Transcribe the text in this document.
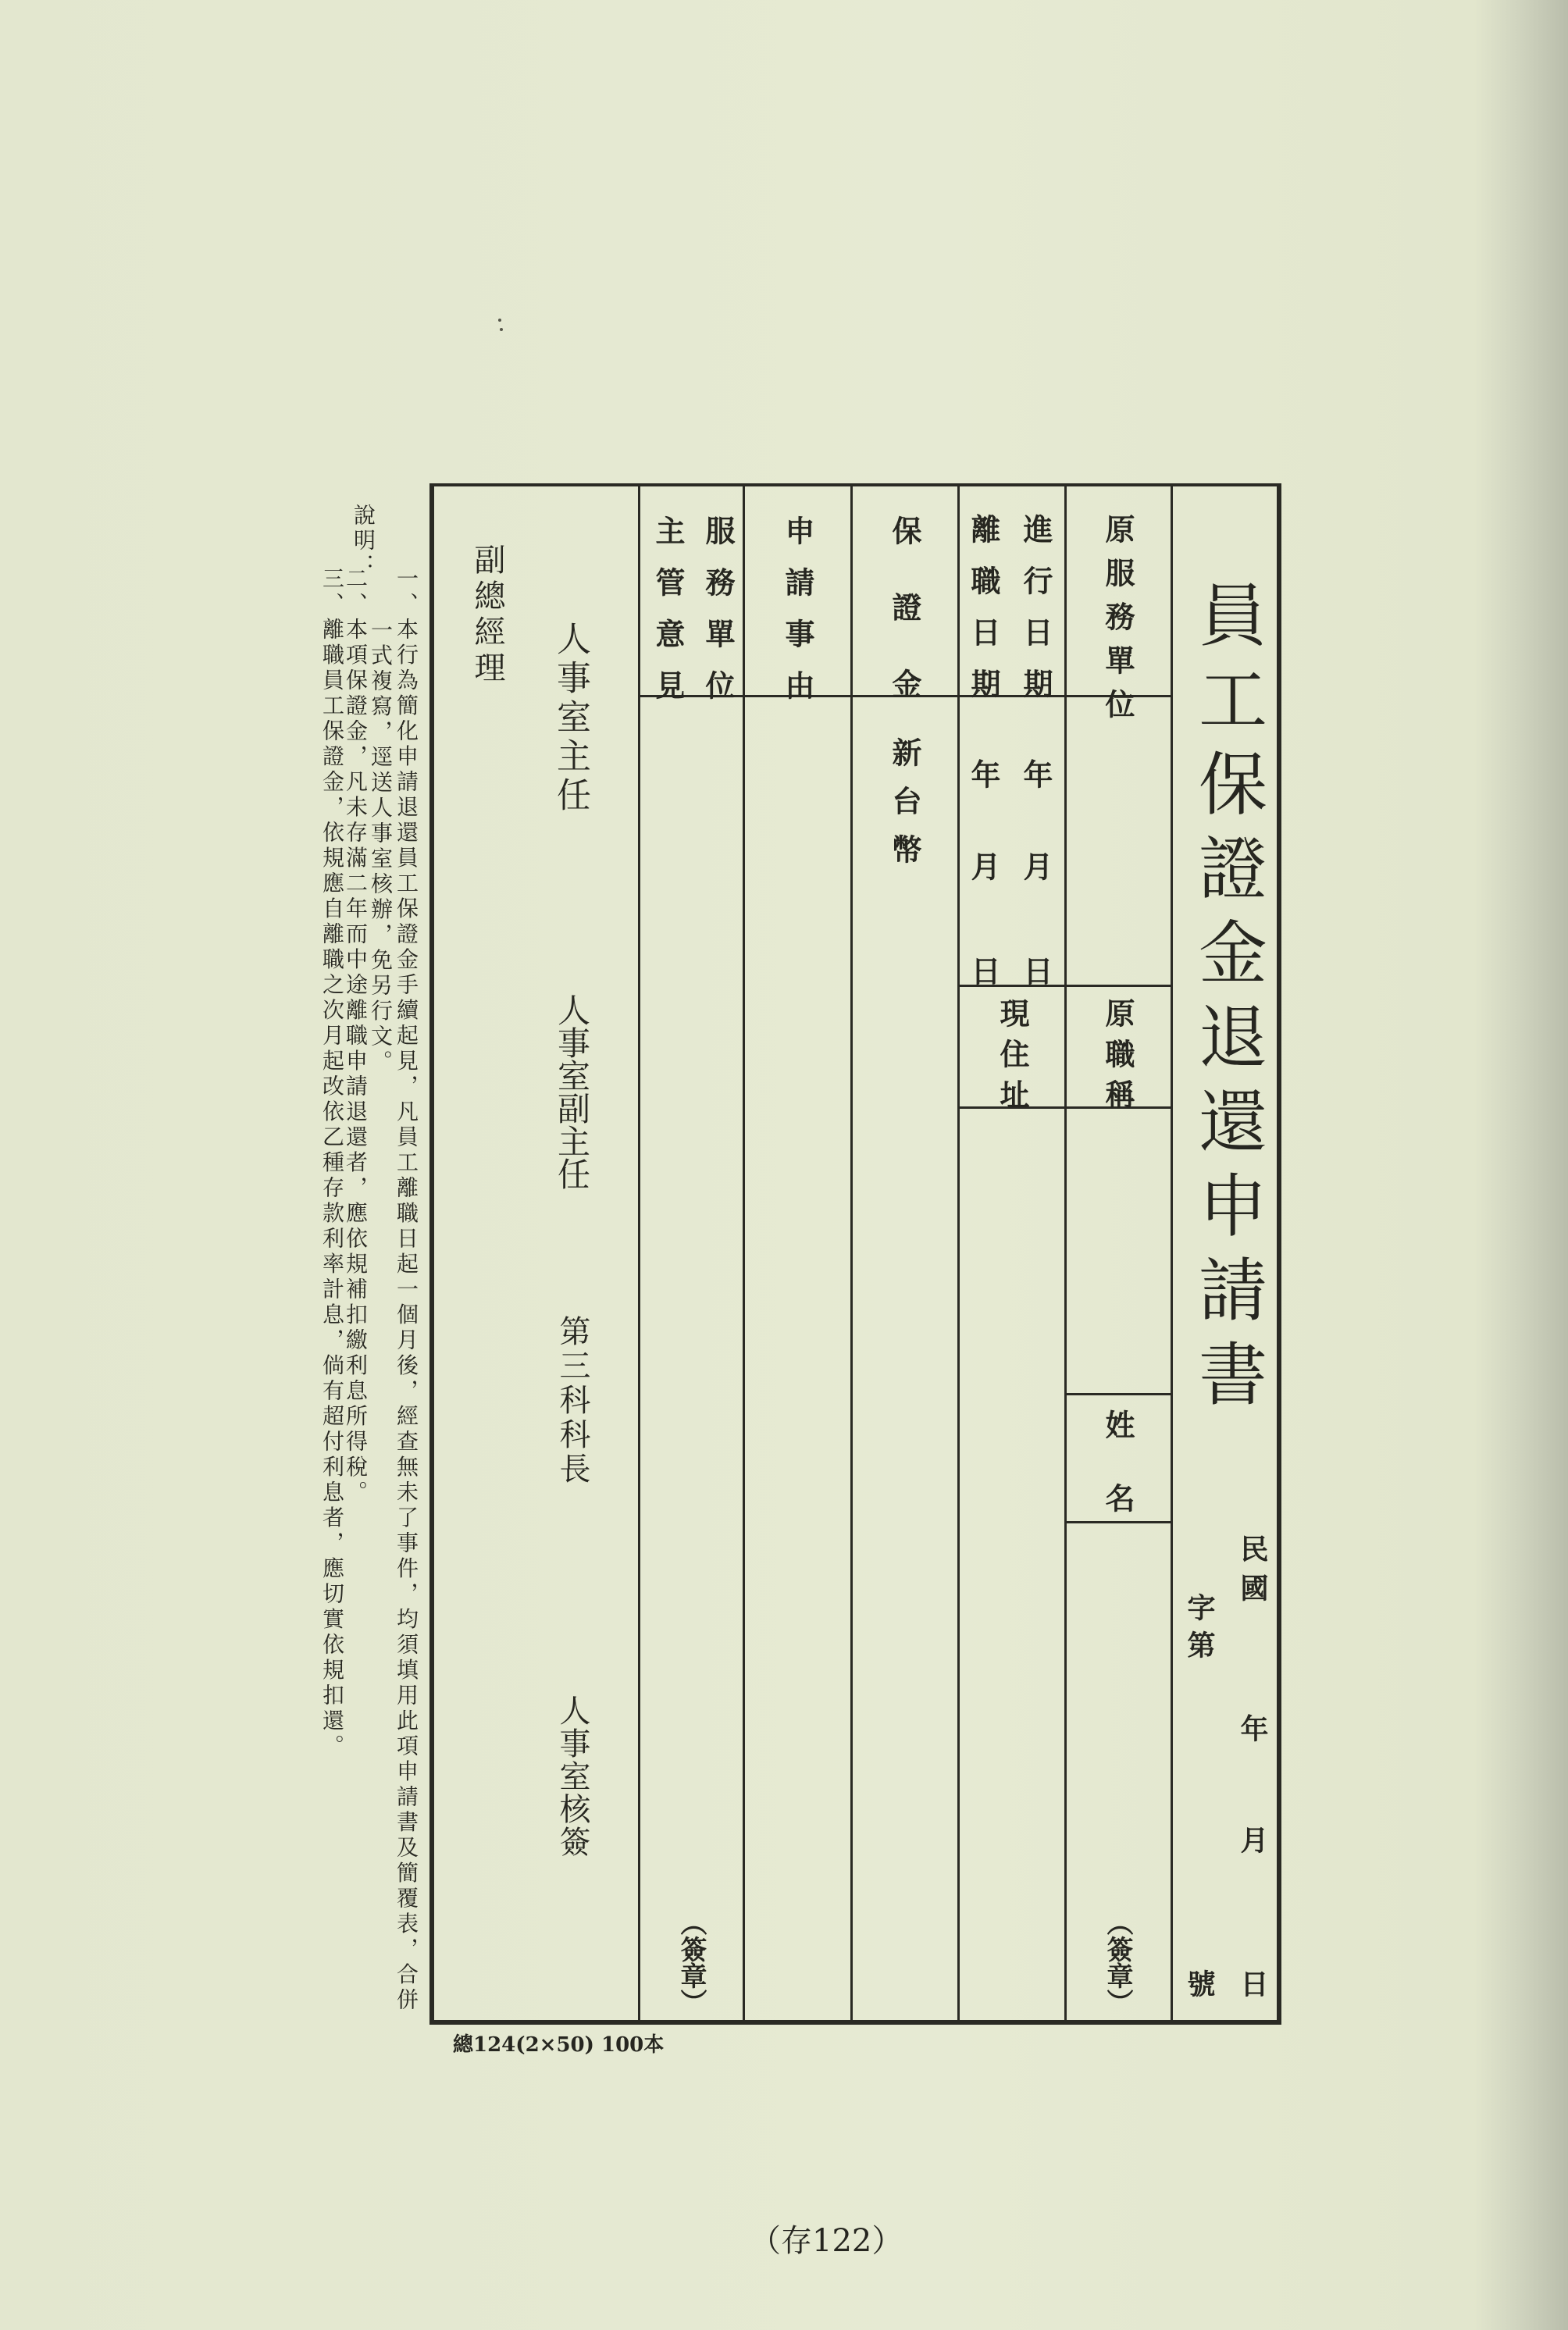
員工保證金退還申請書
民國
年
月
日
字第
號
原服務單位
原職稱
姓名
（簽章）
進行日期
離職日期
年
月
日
年
月
日
現住址
保證金
新台幣
申請事由
服務單位
主管意見
（簽章）
副總經理
人事室主任
人事室副主任
第三科科長
人事室核簽
說明：
一、本行為簡化申請退還員工保證金手續起見，凡員工離職日起一個月後，經查無未了事件，均須填用此項申請書及簡覆表，合併
一式複寫，逕送人事室核辦，免另行文。
二、本項保證金，凡未存滿二年而中途離職申請退還者，應依規補扣繳利息所得稅。
三、離職員工保證金，依規應自離職之次月起改依乙種存款利率計息，倘有超付利息者，應切實依規扣還。
總124(2×50) 100本
（存122）
